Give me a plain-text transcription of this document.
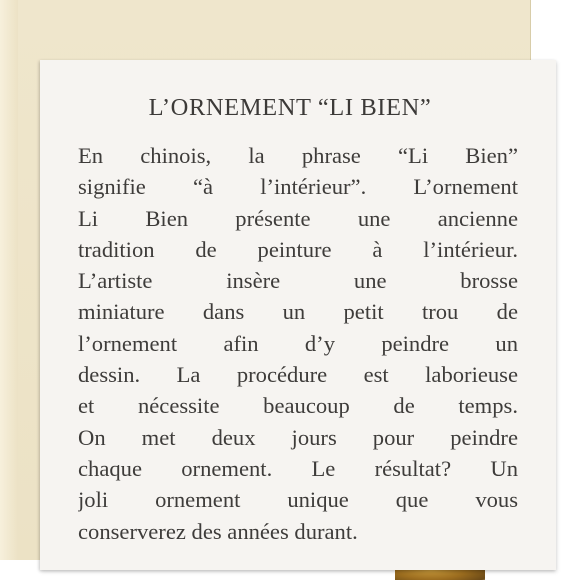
L’ORNEMENT “LI BIEN”
En chinois, la phrase “Li Bien”
signifie “à l’intérieur”. L’ornement
Li Bien présente une ancienne
tradition de peinture à l’intérieur.
L’artiste insère une brosse
miniature dans un petit trou de
l’ornement afin d’y peindre un
dessin. La procédure est laborieuse
et nécessite beaucoup de temps.
On met deux jours pour peindre
chaque ornement. Le résultat? Un
joli ornement unique que vous
conserverez des années durant.
